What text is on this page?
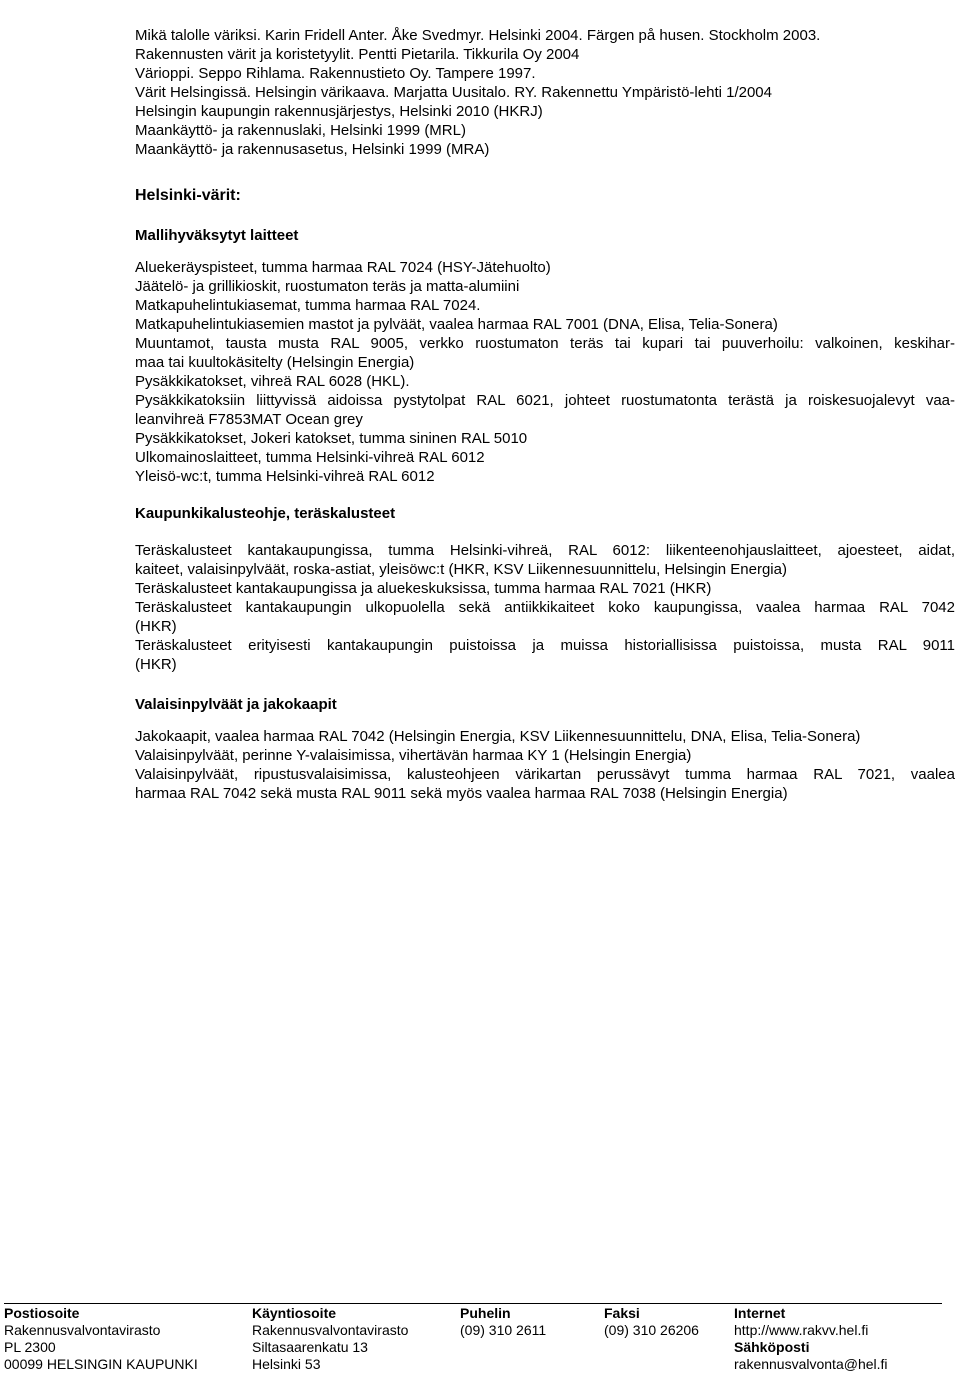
Mikä talolle väriksi. Karin Fridell Anter. Åke Svedmyr. Helsinki 2004. Färgen på husen. Stockholm 2003.

Rakennusten värit ja koristetyylit. Pentti Pietarila. Tikkurila Oy 2004

Värioppi. Seppo Rihlama. Rakennustieto Oy. Tampere 1997.

Värit Helsingissä. Helsingin värikaava. Marjatta Uusitalo. RY. Rakennettu Ympäristö-lehti 1/2004

Helsingin kaupungin rakennusjärjestys, Helsinki 2010 (HKRJ)

Maankäyttö- ja rakennuslaki, Helsinki 1999 (MRL)

Maankäyttö- ja rakennusasetus, Helsinki 1999 (MRA)

Helsinki-värit:
Mallihyväksytyt laitteet

Aluekeräyspisteet, tumma harmaa RAL 7024 (HSY-Jätehuolto)

Jäätelö- ja grillikioskit, ruostumaton teräs ja matta-alumiini

Matkapuhelintukiasemat, tumma harmaa RAL 7024.

Matkapuhelintukiasemien mastot ja pylväät, vaalea harmaa RAL 7001 (DNA, Elisa, Telia-Sonera)

Muuntamot, tausta musta RAL 9005, verkko ruostumaton teräs tai kupari tai puuverhoilu: valkoinen, keskihar-

maa tai kuultokäsitelty (Helsingin Energia)

Pysäkkikatokset, vihreä RAL 6028 (HKL).

Pysäkkikatoksiin liittyvissä aidoissa pystytolpat RAL 6021, johteet ruostumatonta terästä ja roiskesuojalevyt vaa-

leanvihreä F7853MAT Ocean grey

Pysäkkikatokset, Jokeri katokset, tumma sininen RAL 5010

Ulkomainoslaitteet, tumma Helsinki-vihreä RAL 6012

Yleisö-wc:t, tumma Helsinki-vihreä RAL 6012

Kaupunkikalusteohje, teräskalusteet

Teräskalusteet kantakaupungissa, tumma Helsinki-vihreä, RAL 6012: liikenteenohjauslaitteet, ajoesteet, aidat,

kaiteet, valaisinpylväät, roska-astiat, yleisöwc:t (HKR, KSV Liikennesuunnittelu, Helsingin Energia)

Teräskalusteet kantakaupungissa ja aluekeskuksissa, tumma harmaa RAL 7021 (HKR)

Teräskalusteet kantakaupungin ulkopuolella sekä antiikkikaiteet koko kaupungissa, vaalea harmaa RAL 7042

(HKR)

Teräskalusteet erityisesti kantakaupungin puistoissa ja muissa historiallisissa puistoissa, musta RAL 9011

(HKR)

Valaisinpylväät ja jakokaapit

Jakokaapit, vaalea harmaa RAL 7042 (Helsingin Energia, KSV Liikennesuunnittelu, DNA, Elisa, Telia-Sonera)

Valaisinpylväät, perinne Y-valaisimissa, vihertävän harmaa KY 1 (Helsingin Energia)

Valaisinpylväät, ripustusvalaisimissa, kalusteohjeen värikartan perussävyt tumma harmaa RAL 7021, vaalea

harmaa RAL 7042 sekä musta RAL 9011 sekä myös vaalea harmaa RAL 7038 (Helsingin Energia)

Postiosoite

Rakennusvalvontavirasto

PL 2300

00099 HELSINGIN KAUPUNKI

Käyntiosoite

Rakennusvalvontavirasto

Siltasaarenkatu 13

Helsinki 53

Puhelin

(09) 310 2611

Faksi

(09) 310 26206

Internet

http://www.rakvv.hel.fi

Sähköposti

rakennusvalvonta@hel.fi
